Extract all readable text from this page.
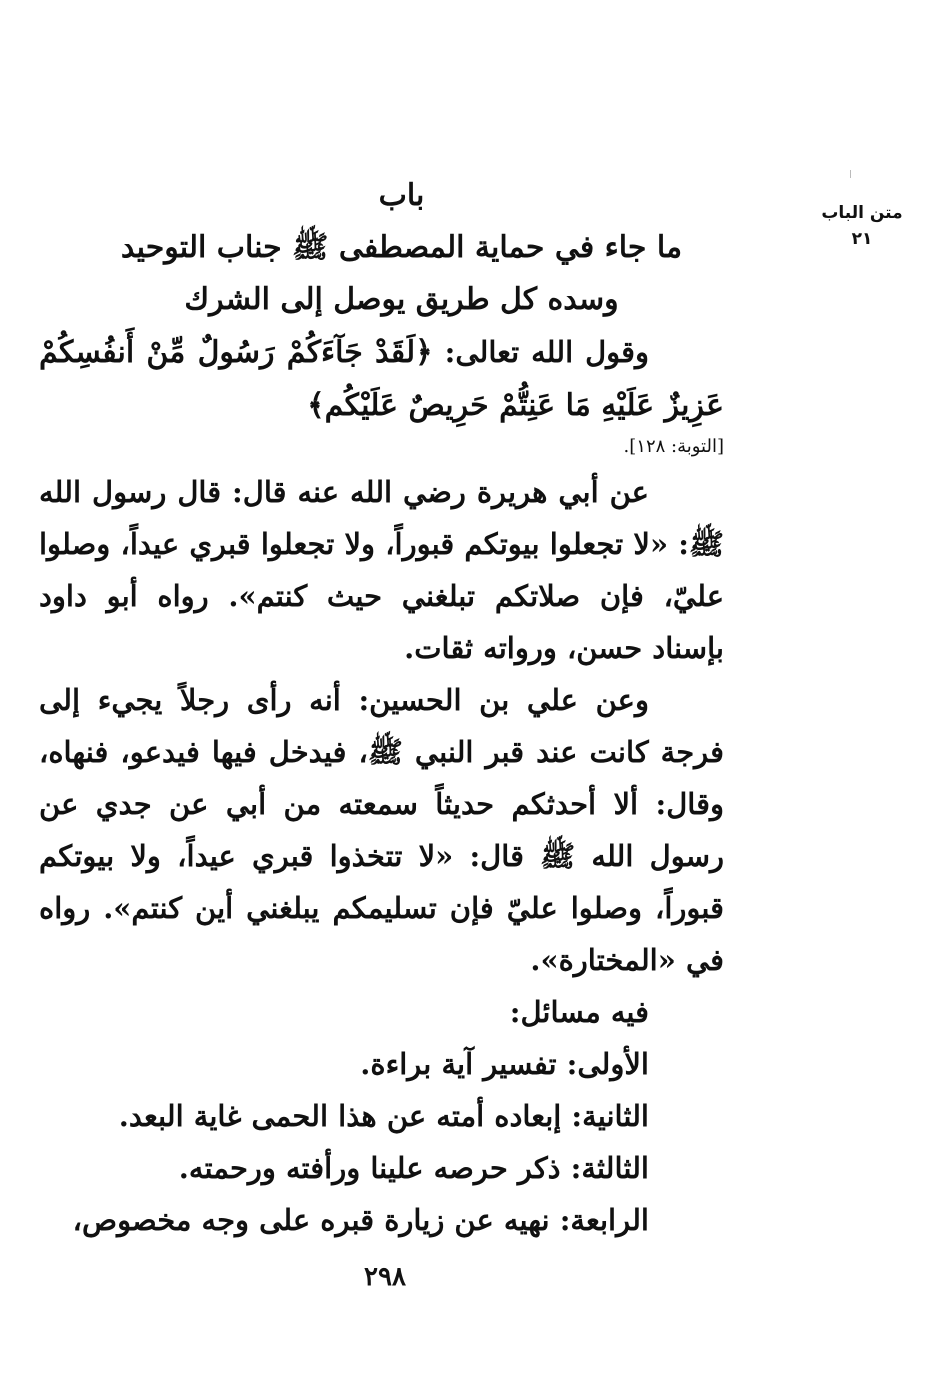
متن الباب
٢١
باب
ما جاء في حماية المصطفى ﷺ جناب التوحيد
وسده كل طريق يوصل إلى الشرك

وقول الله تعالى: ﴿لَقَدْ جَآءَكُمْ رَسُولٌ مِّنْ أَنفُسِكُمْ عَزِيزٌ عَلَيْهِ مَا عَنِتُّمْ حَرِيصٌ عَلَيْكُم﴾

[التوبة: ١٢٨].

عن أبي هريرة رضي الله عنه قال: قال رسول الله ﷺ: «لا تجعلوا بيوتكم قبوراً، ولا تجعلوا قبري عيداً، وصلوا عليّ، فإن صلاتكم تبلغني حيث كنتم». رواه أبو داود بإسناد حسن، ورواته ثقات.

وعن علي بن الحسين: أنه رأى رجلاً يجيء إلى فرجة كانت عند قبر النبي ﷺ، فيدخل فيها فيدعو، فنهاه، وقال: ألا أحدثكم حديثاً سمعته من أبي عن جدي عن رسول الله ﷺ قال: «لا تتخذوا قبري عيداً، ولا بيوتكم قبوراً، وصلوا عليّ فإن تسليمكم يبلغني أين كنتم». رواه في «المختارة».

فيه مسائل:

الأولى: تفسير آية براءة.
الثانية: إبعاده أمته عن هذا الحمى غاية البعد.
الثالثة: ذكر حرصه علينا ورأفته ورحمته.
الرابعة: نهيه عن زيارة قبره على وجه مخصوص،
٢٩٨
